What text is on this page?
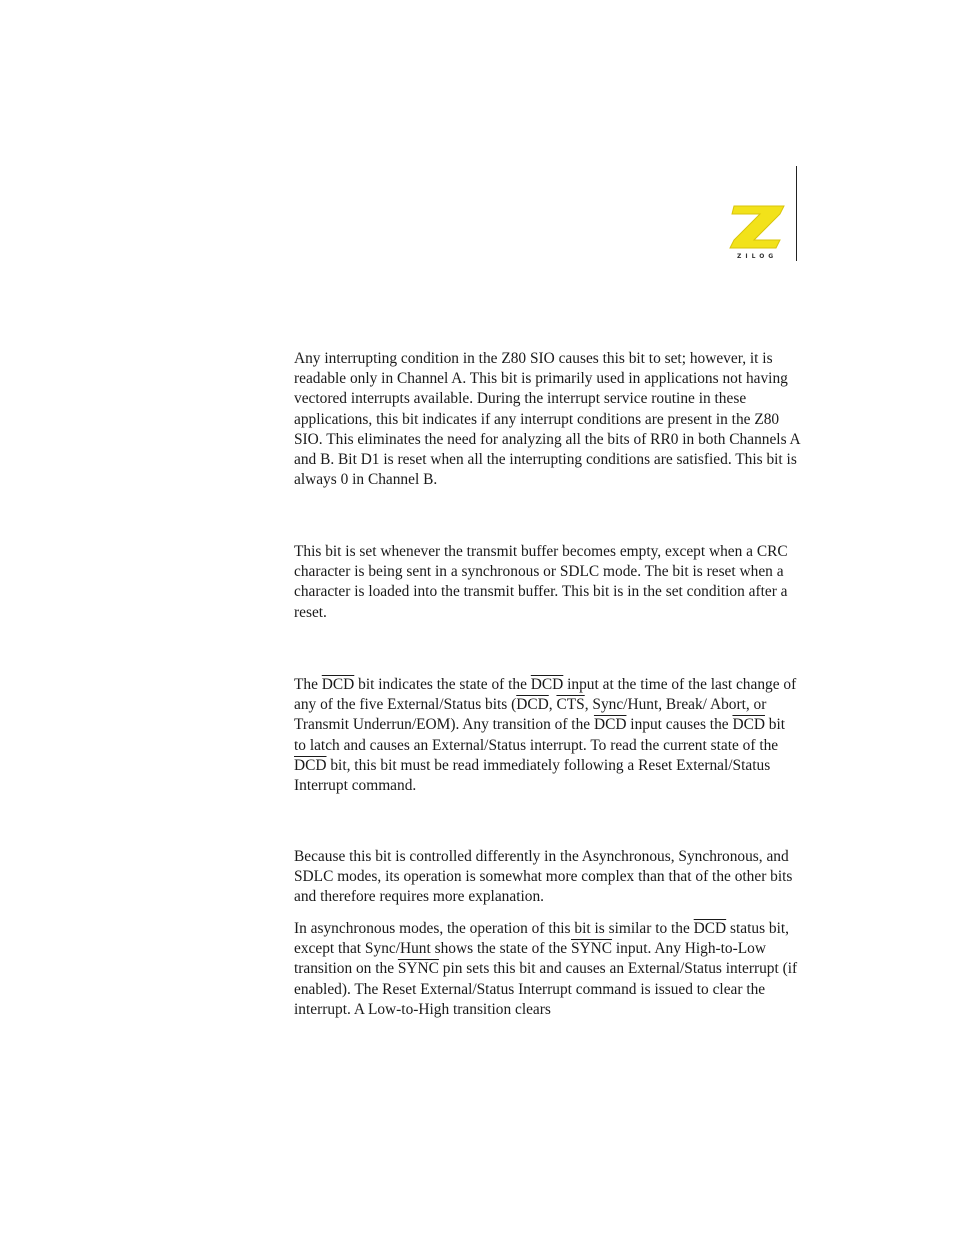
ZILOG

Any interrupting condition in the Z80 SIO causes this bit to set; however, it is readable only in Channel A. This bit is primarily used in applications not having vectored interrupts available. During the interrupt service routine in these applications, this bit indicates if any interrupt conditions are present in the Z80 SIO. This eliminates the need for analyzing all the bits of RR0 in both Channels A and B. Bit D1 is reset when all the interrupting conditions are satisfied. This bit is always 0 in Channel B.

This bit is set whenever the transmit buffer becomes empty, except when a CRC character is being sent in a synchronous or SDLC mode. The bit is reset when a character is loaded into the transmit buffer. This bit is in the set condition after a reset.

The $\overline{DCD}$ bit indicates the state of the $\overline{DCD}$ input at the time of the last change of any of the five External/Status bits ($\overline{DCD}$, $\overline{CTS}$, Sync/Hunt, Break/ Abort, or Transmit Underrun/EOM). Any transition of the $\overline{DCD}$ input causes the $\overline{DCD}$ bit to latch and causes an External/Status interrupt. To read the current state of the $\overline{DCD}$ bit, this bit must be read immediately following a Reset External/Status Interrupt command.

Because this bit is controlled differently in the Asynchronous, Synchronous, and SDLC modes, its operation is somewhat more complex than that of the other bits and therefore requires more explanation.

In asynchronous modes, the operation of this bit is similar to the $\overline{DCD}$ status bit, except that Sync/Hunt shows the state of the SYNC input. Any High-to-Low transition on the SYNC pin sets this bit and causes an External/Status interrupt (if enabled). The Reset External/Status Interrupt command is issued to clear the interrupt. A Low-to-High transition clears
